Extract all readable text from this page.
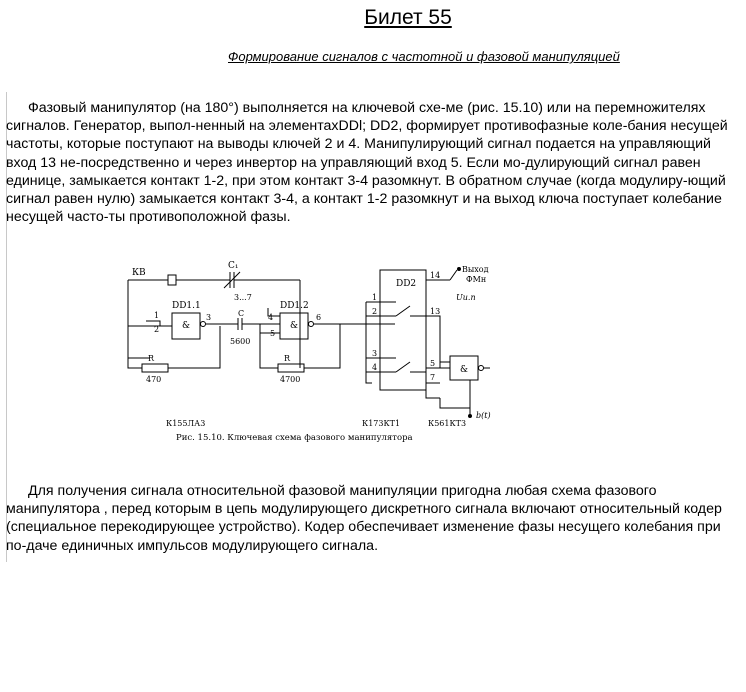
Билет 55
Формирование сигналов с частотной и фазовой манипуляцией

Фазовый манипулятор (на 180°) выполняется на ключевой схе-ме (рис. 15.10) или на перемножителях сигналов. Генератор, выпол-ненный на элементахDDl; DD2, формирует противофазные коле-бания несущей частоты, которые поступают на выводы ключей 2 и 4. Манипулирующий сигнал подается на управляющий вход 13 не-посредственно и через инвертор на управляющий вход 5. Если мо-дулирующий сигнал равен единице, замыкается контакт 1-2, при этом контакт 3-4 разомкнут. В обратном случае (когда модулиру-ющий сигнал равен нулю) замыкается контакт 3-4, а контакт 1-2 разомкнут и на выход ключа поступает колебание несущей часто-ты противоположной фазы.

КВ
C₁
3...7
DD1.1	DD1.2
&	&
&
1
2
3	4
5
6
C
5600
R
470
R
4700
DD2
1
2
3
4
14
13
5
7
Выход
ФМн
Uи.п
b(t)
К155ЛА3	К173КТ1	К561КТ3
Рис. 15.10. Ключевая схема фазового манипулятора

Для получения сигнала относительной фазовой манипуляции пригодна любая схема фазового манипулятора , перед которым в цепь модулирующего дискретного сигнала включают относительный кодер (специальное перекодирующее устройство). Кодер обеспечивает изменение фазы несущего колебания при по-даче единичных импульсов модулирующего сигнала.
